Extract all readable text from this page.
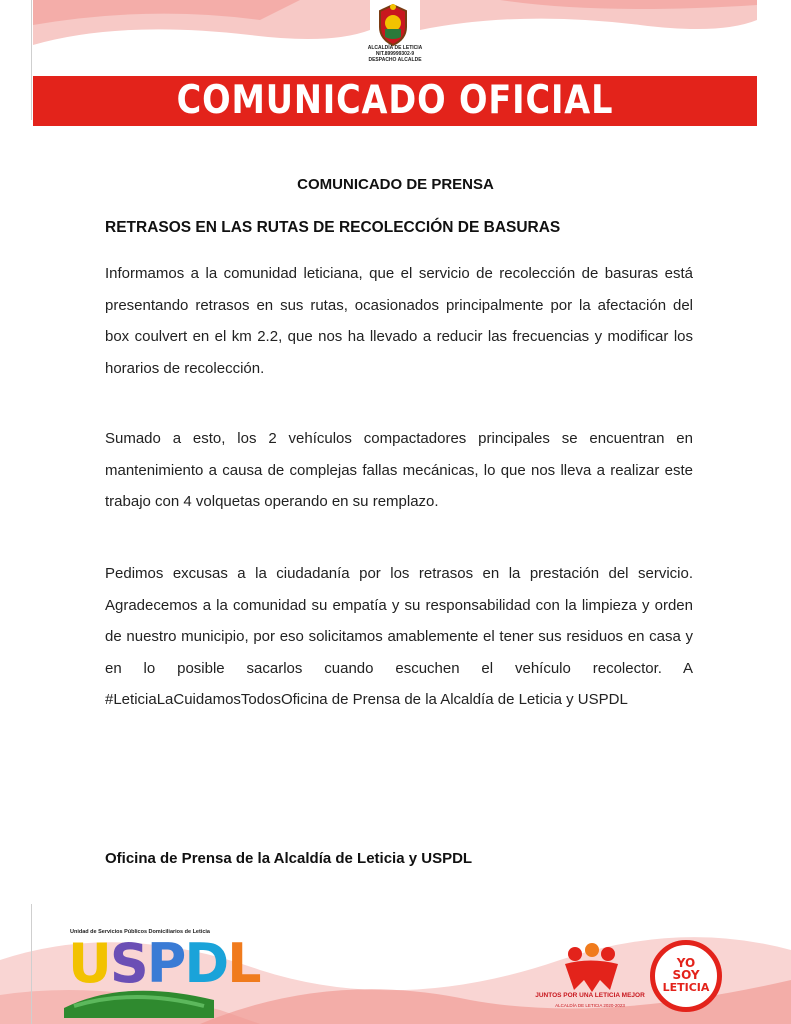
ALCALDÍA DE LETICIA
NIT.899999302-9
DESPACHO ALCALDE
COMUNICADO OFICIAL
COMUNICADO DE PRENSA
RETRASOS EN LAS RUTAS DE RECOLECCIÓN DE BASURAS

Informamos a la comunidad leticiana, que el servicio de recolección de basuras está presentando retrasos en sus rutas, ocasionados principalmente por la afectación del box coulvert en el km 2.2, que nos ha llevado a reducir las frecuencias y modificar los horarios de recolección.

Sumado a esto, los 2 vehículos compactadores principales se encuentran en mantenimiento a causa de complejas fallas mecánicas, lo que nos lleva a realizar este trabajo con 4 volquetas operando en su remplazo.

Pedimos excusas a la ciudadanía por los retrasos en la prestación del servicio. Agradecemos a la comunidad su empatía y su responsabilidad con la limpieza y orden de nuestro municipio, por eso solicitamos amablemente el tener sus residuos en casa y en lo posible sacarlos cuando escuchen el vehículo recolector. A #LeticiaLaCuidamosTodosOficina de Prensa de la Alcaldía de Leticia y USPDL

Oficina de Prensa de la Alcaldía de Leticia y USPDL
Unidad de Servicios Públicos Domiciliarios de Leticia
USPDL
JUNTOS POR UNA LETICIA MEJOR
ALCALDÍA DE LETICIA 2020-2023
YO
SOY
LETICIA
